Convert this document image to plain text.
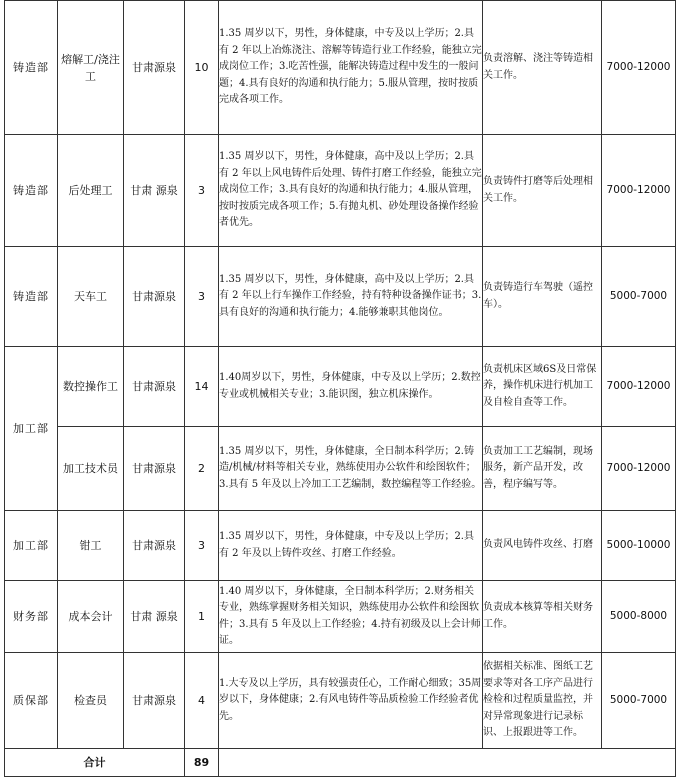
铸造部	熔解工/浇注工	甘肃源泉	10	1.35 周岁以下，男性，身体健康，中专及以上学历；2.具有 2 年以上冶炼浇注、溶解等铸造行业工作经验，能独立完成岗位工作；3.吃苦性强，能解决铸造过程中发生的一般问题；4.具有良好的沟通和执行能力；5.服从管理，按时按质完成各项工作。	负责溶解、浇注等铸造相关工作。	7000-12000
铸造部	后处理工	甘肃 源泉	3	1.35 周岁以下，男性，身体健康，高中及以上学历；2.具有 2 年以上风电铸件后处理、铸件打磨工作经验，能独立完成岗位工作；3.具有良好的沟通和执行能力；4.服从管理，按时按质完成各项工作；5.有抛丸机、砂处理设备操作经验者优先。	负责铸件打磨等后处理相关工作。	7000-12000
铸造部	天车工	甘肃源泉	3	1.35 周岁以下，男性，身体健康，高中及以上学历；2.具有 2 年以上行车操作工作经验，持有特种设备操作证书；3.具有良好的沟通和执行能力；4.能够兼职其他岗位。	负责铸造行车驾驶（遥控车）。	5000-7000
加工部	数控操作工	甘肃源泉	14	1.40周岁以下，男性，身体健康，中专及以上学历；2.数控专业或机械相关专业；3.能识图，独立机床操作。	负责机床区域6S及日常保养，操作机床进行机加工及自检自查等工作。	7000-12000
	加工技术员	甘肃源泉	2	1.35 周岁以下，男性，身体健康，全日制本科学历；2.铸造/机械/材料等相关专业，熟练使用办公软件和绘图软件；3.具有 5 年及以上冷加工工艺编制，数控编程等工作经验。	负责加工工艺编制，现场服务，新产品开发，改善，程序编写等。	7000-12000
加工部	钳工	甘肃源泉	3	1.35 周岁以下，男性，身体健康，中专及以上学历；2.具有 2 年及以上铸件攻丝、打磨工作经验。	负责风电铸件攻丝、打磨	5000-10000
财务部	成本会计	甘肃 源泉	1	1.40 周岁以下，身体健康，全日制本科学历；2.财务相关专业，熟练掌握财务相关知识，熟练使用办公软件和绘图软件；3.具有 5 年及以上工作经验；4.持有初级及以上会计师证。	负责成本核算等相关财务工作。	5000-8000
质保部	检查员	甘肃源泉	4	1.大专及以上学历，具有较强责任心，工作耐心细致；35周岁以下，身体健康；2.有风电铸件等品质检验工作经验者优先。	依据相关标准、图纸工艺要求等对各工序产品进行检检和过程质量监控，并对异常现象进行记录标识、上报跟进等工作。	5000-7000
合计			89			
